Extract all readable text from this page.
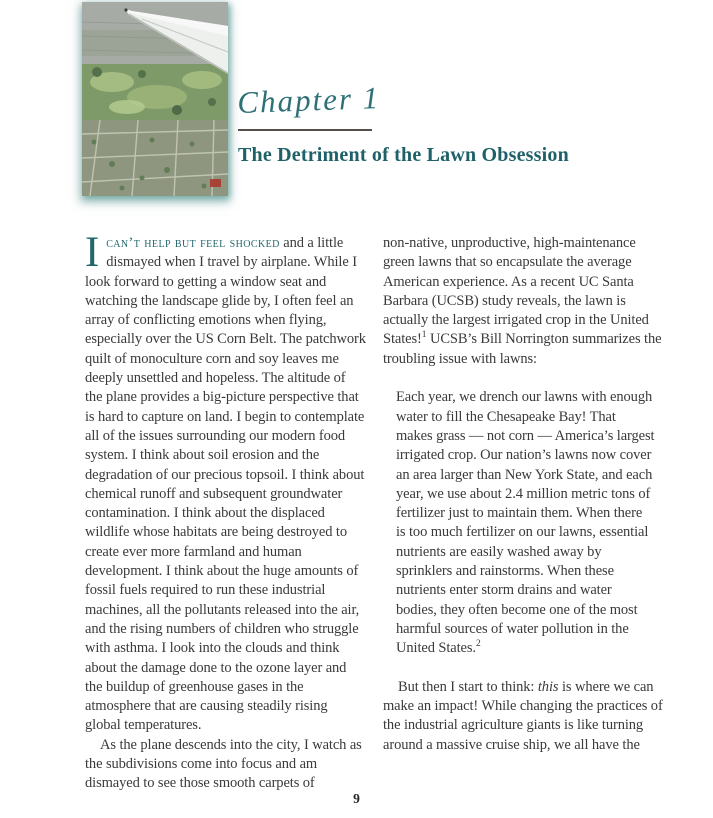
Chapter 1
The Detriment of the Lawn Obsession

Ican’t help but feel shocked and a little dismayed when I travel by airplane. While I look forward to getting a window seat and watching the landscape glide by, I often feel an array of conflicting emotions when flying, especially over the US Corn Belt. The patchwork quilt of monoculture corn and soy leaves me deeply unsettled and hopeless. The altitude of the plane provides a big-picture perspective that is hard to capture on land. I begin to contemplate all of the issues surrounding our modern food system. I think about soil erosion and the degradation of our precious topsoil. I think about chemical runoff and subsequent groundwater contamination. I think about the displaced wildlife whose habitats are being destroyed to create ever more farmland and human development. I think about the huge amounts of fossil fuels required to run these industrial machines, all the pollutants released into the air, and the rising numbers of children who struggle with asthma. I look into the clouds and think about the damage done to the ozone layer and the buildup of greenhouse gases in the atmosphere that are causing steadily rising global temperatures.

As the plane descends into the city, I watch as the subdivisions come into focus and am dismayed to see those smooth carpets of

non-native, unproductive, high-maintenance green lawns that so encapsulate the average American experience. As a recent UC Santa Barbara (UCSB) study reveals, the lawn is actually the largest irrigated crop in the United States!$^1$ UCSB’s Bill Norrington summarizes the troubling issue with lawns:

Each year, we drench our lawns with enough water to fill the Chesapeake Bay! That makes grass — not corn — America’s largest irrigated crop. Our nation’s lawns now cover an area larger than New York State, and each year, we use about 2.4 million metric tons of fertilizer just to maintain them. When there is too much fertilizer on our lawns, essential nutrients are easily washed away by sprinklers and rainstorms. When these nutrients enter storm drains and water bodies, they often become one of the most harmful sources of water pollution in the United States.$^2$

But then I start to think: this is where we can make an impact! While changing the practices of the industrial agriculture giants is like turning around a massive cruise ship, we all have the

9
